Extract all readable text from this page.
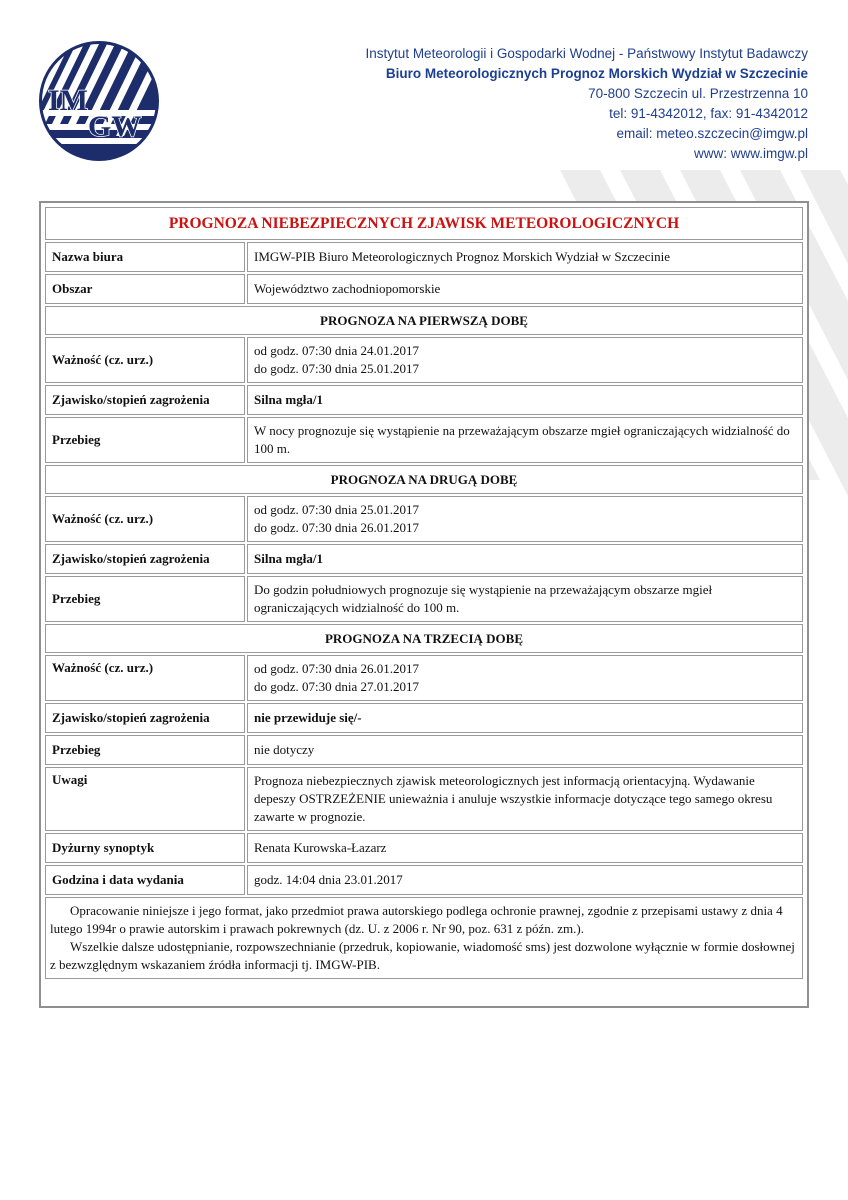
IM
GW
Instytut Meteorologii i Gospodarki Wodnej - Państwowy Instytut Badawczy
Biuro Meteorologicznych Prognoz Morskich Wydział w Szczecinie
70-800 Szczecin ul. Przestrzenna 10
tel: 91-4342012, fax: 91-4342012
email: meteo.szczecin@imgw.pl
www: www.imgw.pl
PROGNOZA NIEBEZPIECZNYCH ZJAWISK METEOROLOGICZNYCH	
Nazwa biura	IMGW-PIB Biuro Meteorologicznych Prognoz Morskich Wydział w Szczecinie
Obszar	Województwo zachodniopomorskie
PROGNOZA NA PIERWSZĄ DOBĘ	
Ważność (cz. urz.)	od godz. 07:30 dnia 24.01.2017
do godz. 07:30 dnia 25.01.2017

Zjawisko/stopień zagrożenia	Silna mgła/1
Przebieg	W nocy prognozuje się wystąpienie na przeważającym obszarze mgieł ograniczających widzialność do 100 m.
PROGNOZA NA DRUGĄ DOBĘ	
Ważność (cz. urz.)	od godz. 07:30 dnia 25.01.2017
do godz. 07:30 dnia 26.01.2017

Zjawisko/stopień zagrożenia	Silna mgła/1
Przebieg	Do godzin południowych prognozuje się wystąpienie na przeważającym obszarze mgieł ograniczających widzialność do 100 m.
PROGNOZA NA TRZECIĄ DOBĘ	
Ważność (cz. urz.)	od godz. 07:30 dnia 26.01.2017
do godz. 07:30 dnia 27.01.2017

Zjawisko/stopień zagrożenia	nie przewiduje się/-
Przebieg	nie dotyczy
Uwagi	Prognoza niebezpiecznych zjawisk meteorologicznych jest informacją orientacyjną. Wydawanie depeszy OSTRZEŻENIE unieważnia i anuluje wszystkie informacje dotyczące tego samego okresu zawarte w prognozie.
Dyżurny synoptyk	Renata Kurowska-Łazarz
Godzina i data wydania	godz. 14:04 dnia 23.01.2017

Opracowanie niniejsze i jego format, jako przedmiot prawa autorskiego podlega ochronie prawnej, zgodnie z przepisami ustawy z dnia 4 lutego 1994r o prawie autorskim i prawach pokrewnych (dz. U. z 2006 r. Nr 90, poz. 631 z późn. zm.).

Wszelkie dalsze udostępnianie, rozpowszechnianie (przedruk, kopiowanie, wiadomość sms) jest dozwolone wyłącznie w formie dosłownej z bezwzględnym wskazaniem źródła informacji tj. IMGW-PIB.	
